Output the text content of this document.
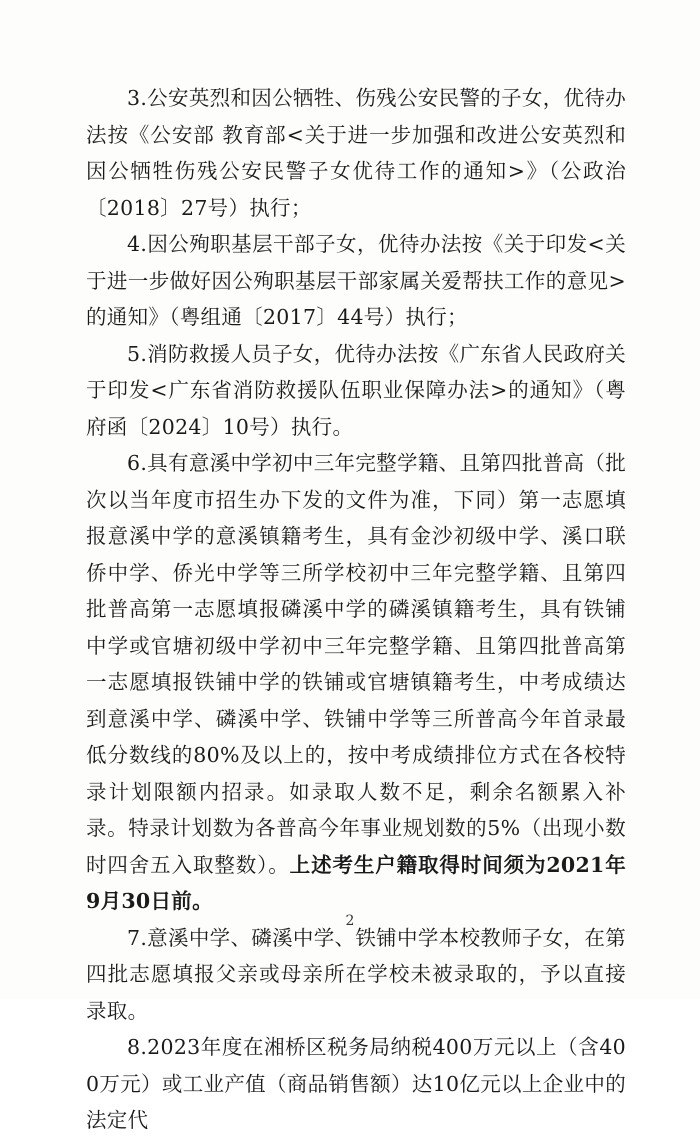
3.公安英烈和因公牺牲、伤残公安民警的子女，优待办法按《公安部 教育部<关于进一步加强和改进公安英烈和因公牺牲伤残公安民警子女优待工作的通知>》（公政治〔2018〕27号）执行；

4.因公殉职基层干部子女，优待办法按《关于印发<关于进一步做好因公殉职基层干部家属关爱帮扶工作的意见>的通知》（粤组通〔2017〕44号）执行；

5.消防救援人员子女，优待办法按《广东省人民政府关于印发<广东省消防救援队伍职业保障办法>的通知》（粤府函〔2024〕10号）执行。

6.具有意溪中学初中三年完整学籍、且第四批普高（批次以当年度市招生办下发的文件为准，下同）第一志愿填报意溪中学的意溪镇籍考生，具有金沙初级中学、溪口联侨中学、侨光中学等三所学校初中三年完整学籍、且第四批普高第一志愿填报磷溪中学的磷溪镇籍考生，具有铁铺中学或官塘初级中学初中三年完整学籍、且第四批普高第一志愿填报铁铺中学的铁铺或官塘镇籍考生，中考成绩达到意溪中学、磷溪中学、铁铺中学等三所普高今年首录最低分数线的80%及以上的，按中考成绩排位方式在各校特录计划限额内招录。如录取人数不足，剩余名额累入补录。特录计划数为各普高今年事业规划数的5%（出现小数时四舍五入取整数）。上述考生户籍取得时间须为2021年9月30日前。

7.意溪中学、磷溪中学、铁铺中学本校教师子女，在第四批志愿填报父亲或母亲所在学校未被录取的，予以直接录取。

8.2023年度在湘桥区税务局纳税400万元以上（含400万元）或工业产值（商品销售额）达10亿元以上企业中的法定代

2
